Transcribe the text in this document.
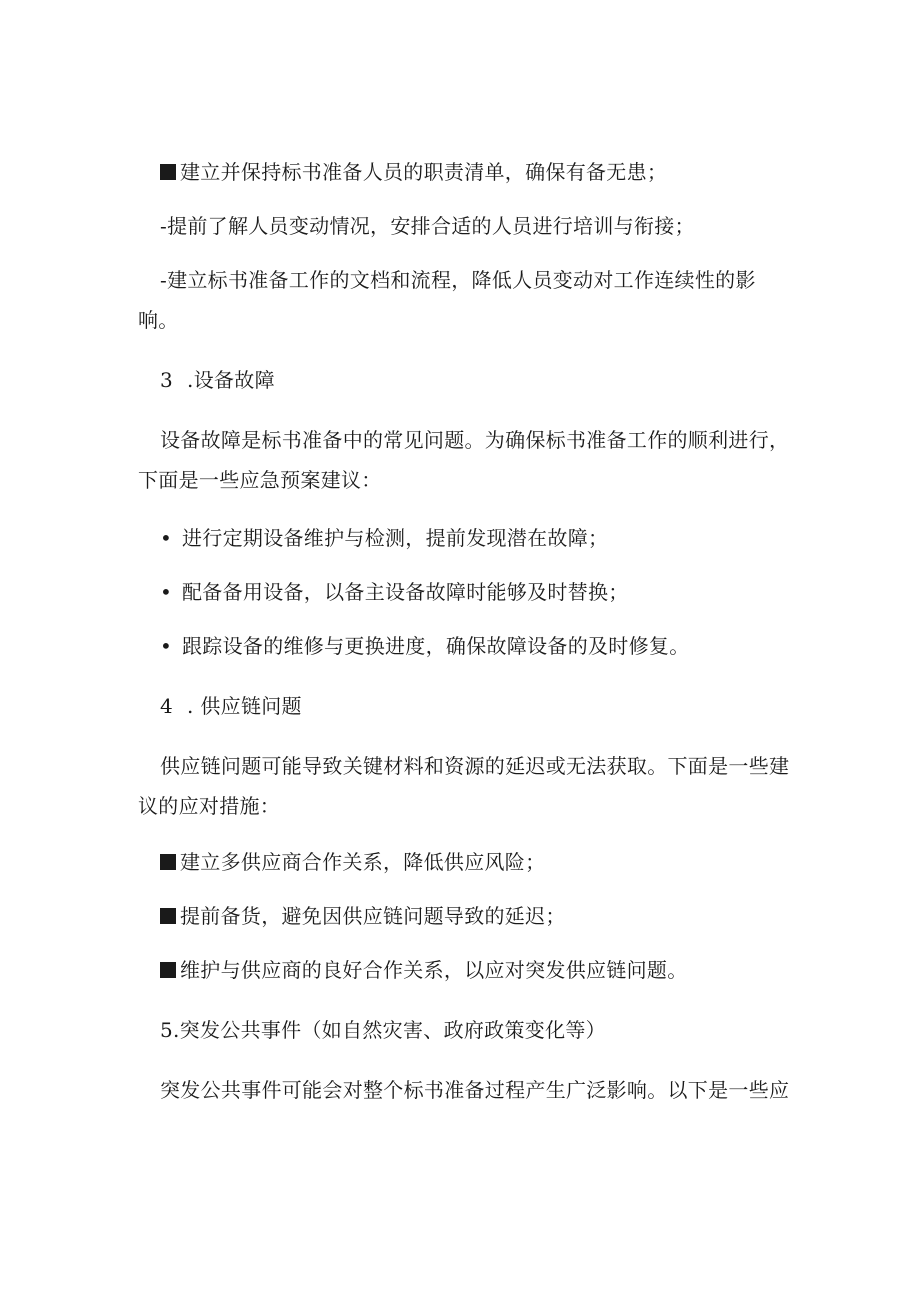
建立并保持标书准备人员的职责清单，确保有备无患；
-提前了解人员变动情况，安排合适的人员进行培训与衔接；
-建立标书准备工作的文档和流程，降低人员变动对工作连续性的影
响。
3 .设备故障
设备故障是标书准备中的常见问题。为确保标书准备工作的顺利进行，
下面是一些应急预案建议：
• 进行定期设备维护与检测，提前发现潜在故障；
• 配备备用设备，以备主设备故障时能够及时替换；
• 跟踪设备的维修与更换进度，确保故障设备的及时修复。
4 . 供应链问题
供应链问题可能导致关键材料和资源的延迟或无法获取。下面是一些建
议的应对措施：
建立多供应商合作关系，降低供应风险；
提前备货，避免因供应链问题导致的延迟；
维护与供应商的良好合作关系，以应对突发供应链问题。
5.突发公共事件（如自然灾害、政府政策变化等）
突发公共事件可能会对整个标书准备过程产生广泛影响。以下是一些应
